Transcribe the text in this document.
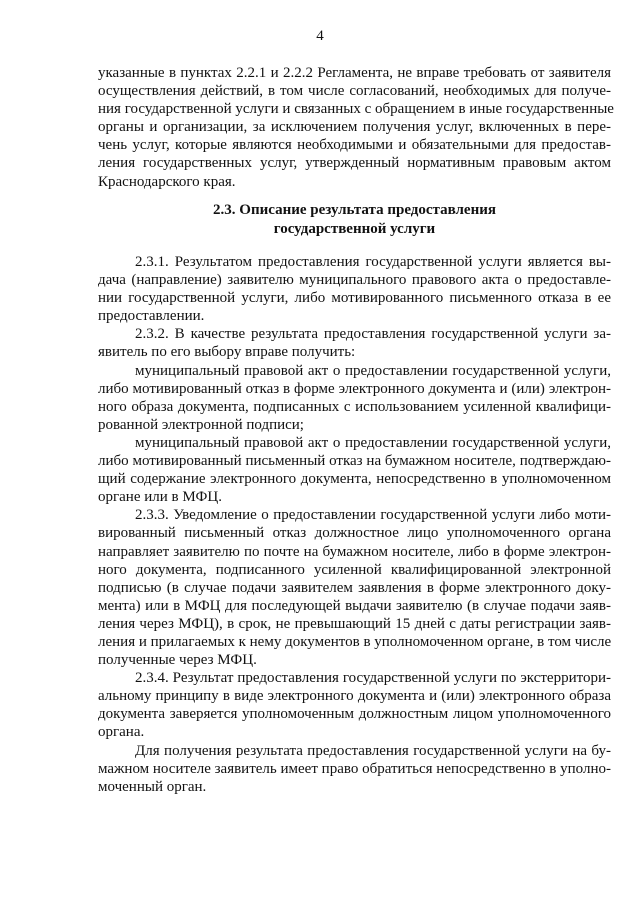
4
указанные в пунктах 2.2.1 и 2.2.2 Регламента, не вправе требовать от заявителя
осуществления действий, в том числе согласований, необходимых для получе-
ния государственной услуги и связанных с обращением в иные государственные
органы и организации, за исключением получения услуг, включенных в пере-
чень услуг, которые являются необходимыми и обязательными для предостав-
ления государственных услуг, утвержденный нормативным правовым актом
Краснодарского края.
2.3. Описание результата предоставления
государственной услуги
2.3.1. Результатом предоставления государственной услуги является вы-
дача (направление) заявителю муниципального правового акта о предоставле-
нии государственной услуги, либо мотивированного письменного отказа в ее
предоставлении.
2.3.2. В качестве результата предоставления государственной услуги за-
явитель по его выбору вправе получить:
муниципальный правовой акт о предоставлении государственной услуги,
либо мотивированный отказ в форме электронного документа и (или) электрон-
ного образа документа, подписанных с использованием усиленной квалифици-
рованной электронной подписи;
муниципальный правовой акт о предоставлении государственной услуги,
либо мотивированный письменный отказ на бумажном носителе, подтверждаю-
щий содержание электронного документа, непосредственно в уполномоченном
органе или в МФЦ.
2.3.3. Уведомление о предоставлении государственной услуги либо моти-
вированный письменный отказ должностное лицо уполномоченного органа
направляет заявителю по почте на бумажном носителе, либо в форме электрон-
ного документа, подписанного усиленной квалифицированной электронной
подписью (в случае подачи заявителем заявления в форме электронного доку-
мента) или в МФЦ для последующей выдачи заявителю (в случае подачи заяв-
ления через МФЦ), в срок, не превышающий 15 дней с даты регистрации заяв-
ления и прилагаемых к нему документов в уполномоченном органе, в том числе
полученные через МФЦ.
2.3.4. Результат предоставления государственной услуги по экстерритори-
альному принципу в виде электронного документа и (или) электронного образа
документа заверяется уполномоченным должностным лицом уполномоченного
органа.
Для получения результата предоставления государственной услуги на бу-
мажном носителе заявитель имеет право обратиться непосредственно в уполно-
моченный орган.
